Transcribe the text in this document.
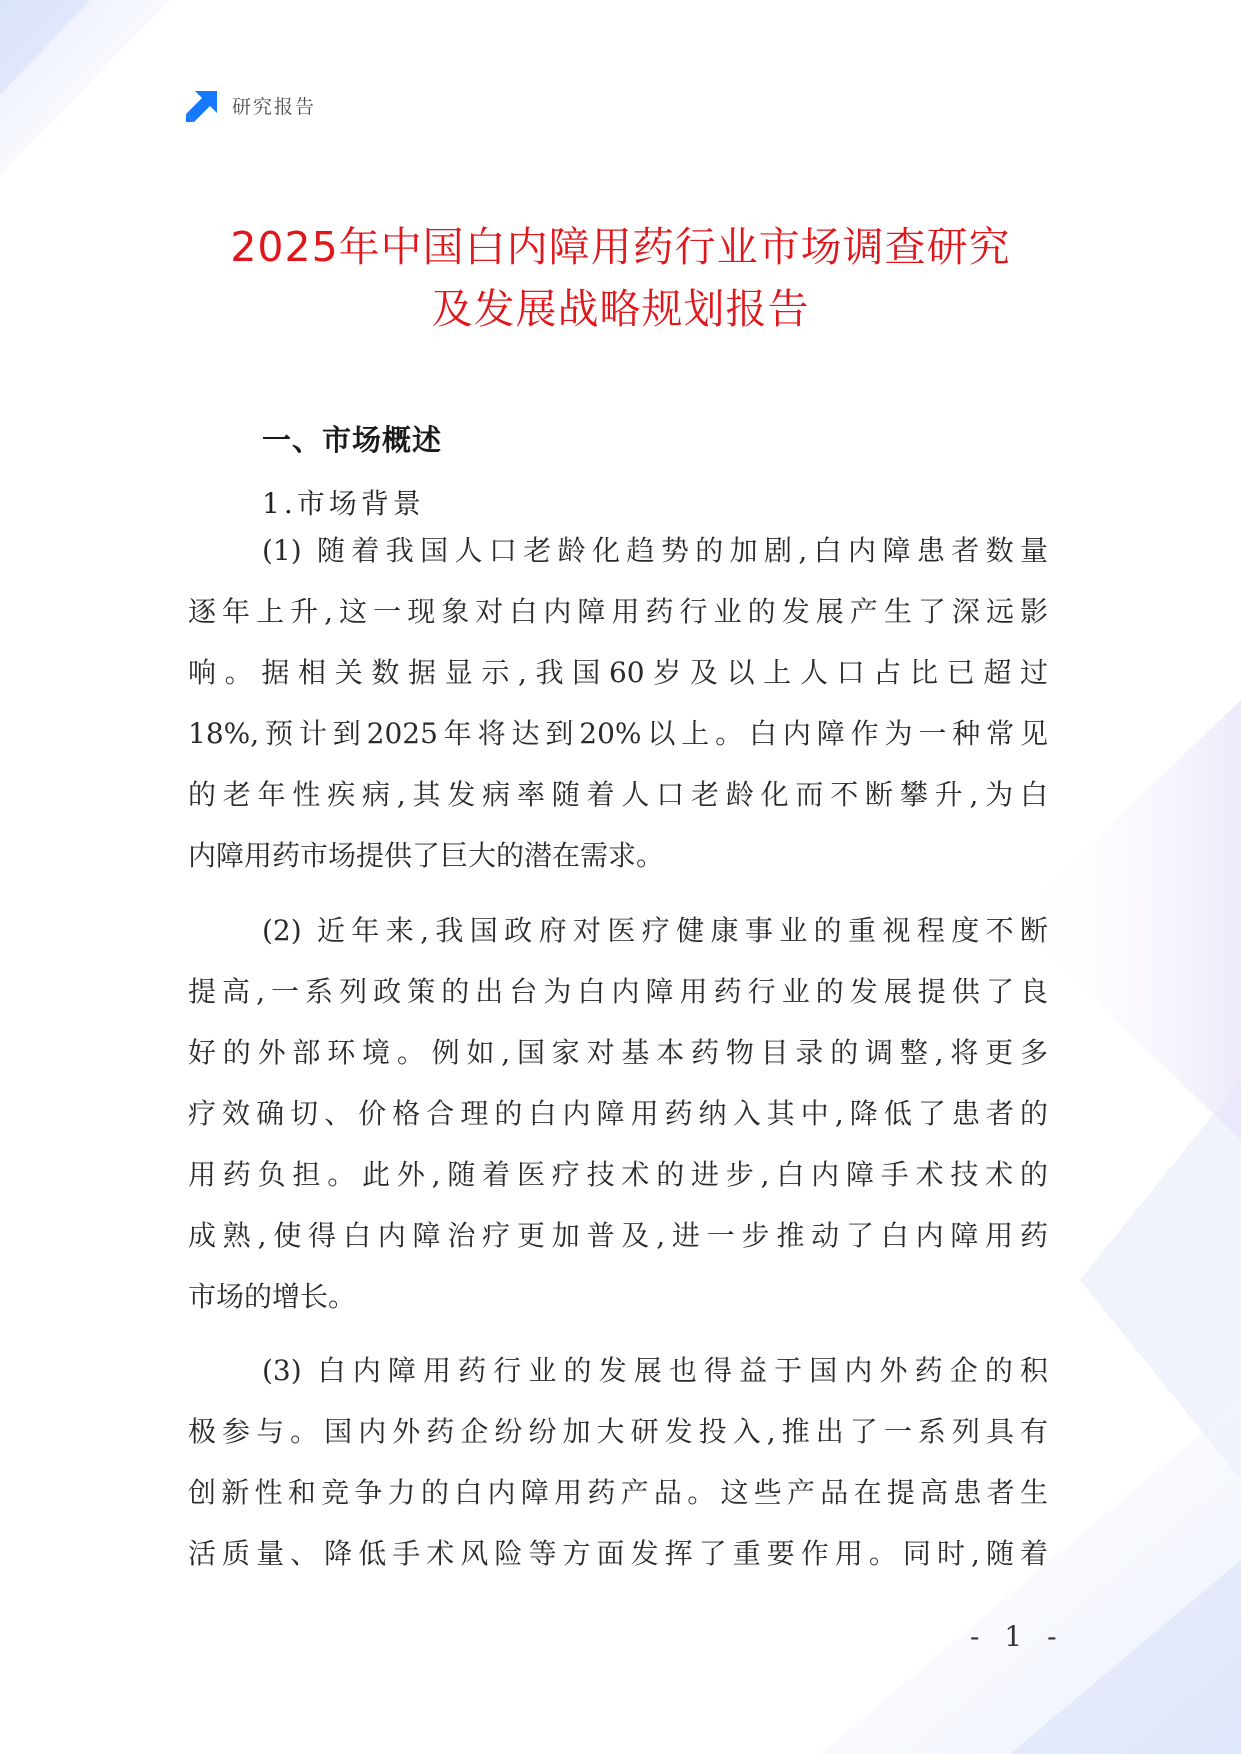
研究报告
2025年中国白内障用药行业市场调查研究
及发展战略规划报告
一、市场概述
1.市场背景
(1) 随着我国人口老龄化趋势的加剧,白内障患者数量
逐年上升,这一现象对白内障用药行业的发展产生了深远影
响。据相关数据显示,我国60岁及以上人口占比已超过
18%,预计到2025年将达到20%以上。白内障作为一种常见
的老年性疾病,其发病率随着人口老龄化而不断攀升,为白
内障用药市场提供了巨大的潜在需求。
(2) 近年来,我国政府对医疗健康事业的重视程度不断
提高,一系列政策的出台为白内障用药行业的发展提供了良
好的外部环境。例如,国家对基本药物目录的调整,将更多
疗效确切、价格合理的白内障用药纳入其中,降低了患者的
用药负担。此外,随着医疗技术的进步,白内障手术技术的
成熟,使得白内障治疗更加普及,进一步推动了白内障用药
市场的增长。
(3) 白内障用药行业的发展也得益于国内外药企的积
极参与。国内外药企纷纷加大研发投入,推出了一系列具有
创新性和竞争力的白内障用药产品。这些产品在提高患者生
活质量、降低手术风险等方面发挥了重要作用。同时,随着
- 1 -
